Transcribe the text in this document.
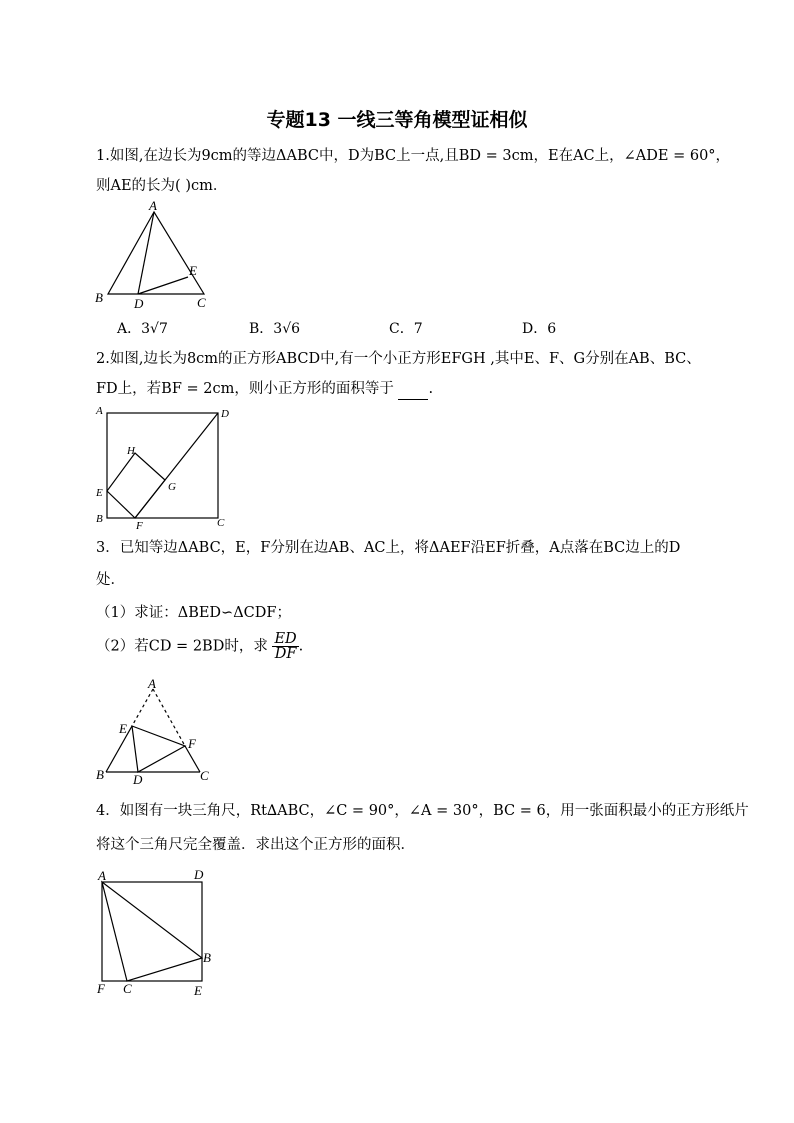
专题13 一线三等角模型证相似
1.如图,在边长为9cm的等边ΔABC中，D为BC上一点,且BD = 3cm，E在AC上，∠ADE = 60°，
则AE的长为( )cm．
A
B D	C
E
A．3√7	B．3√6	C．7	D．6
2.如图,边长为8cm的正方形ABCD中,有一个小正方形EFGH ,其中E、F、G分别在AB、BC、
FD上，若BF = 2cm，则小正方形的面积等于 .
A	D
H
G
E
B
F	C
3．已知等边ΔABC，E，F分别在边AB、AC上，将ΔAEF沿EF折叠，A点落在BC边上的D
处．
（1）求证：ΔBED∽ΔCDF；
（2）若CD = 2BD时，求 $\frac{ED}{DF}$ .
A
E
F
B D	C
4．如图有一块三角尺，Rt∆ABC，∠C = 90°，∠A = 30°，BC = 6，用一张面积最小的正方形纸片
将这个三角尺完全覆盖．求出这个正方形的面积．
A	D
B
F C	E
